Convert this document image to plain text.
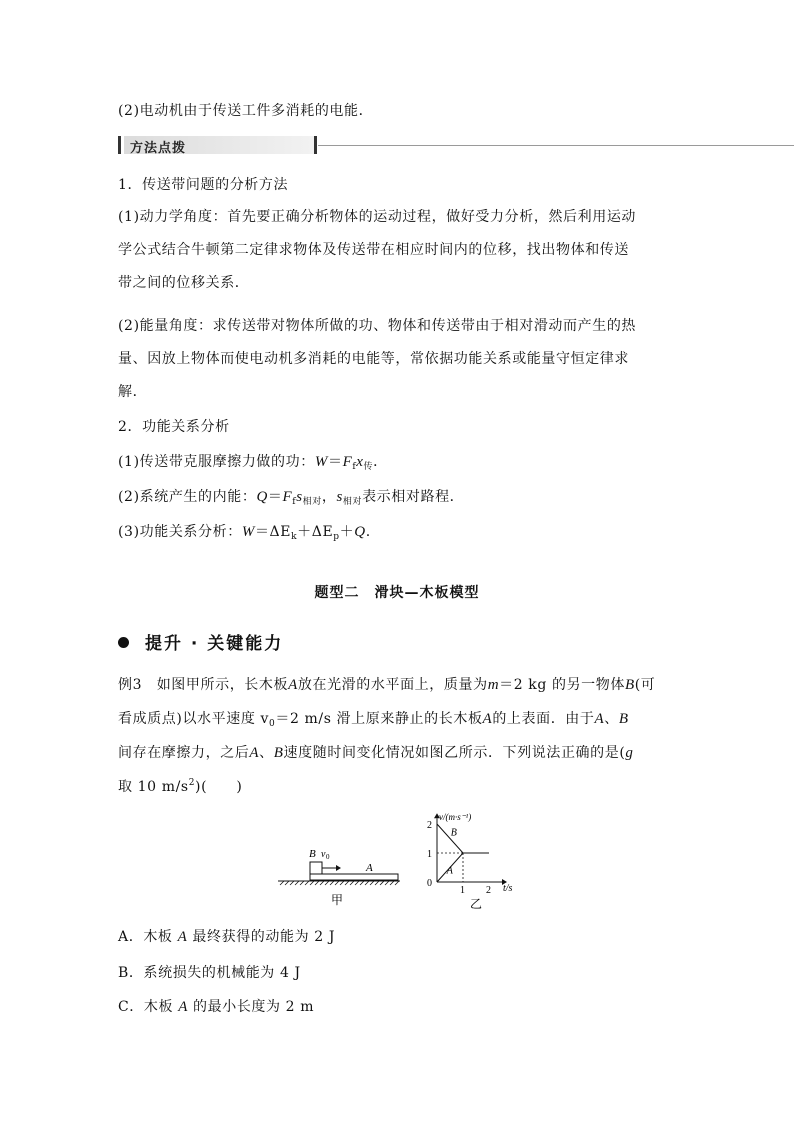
(2)电动机由于传送工件多消耗的电能．
方法点拨
1．传送带问题的分析方法
(1)动力学角度：首先要正确分析物体的运动过程，做好受力分析，然后利用运动
学公式结合牛顿第二定律求物体及传送带在相应时间内的位移，找出物体和传送
带之间的位移关系．
(2)能量角度：求传送带对物体所做的功、物体和传送带由于相对滑动而产生的热
量、因放上物体而使电动机多消耗的电能等，常依据功能关系或能量守恒定律求
解．
2．功能关系分析
(1)传送带克服摩擦力做的功：$W=F_fx_传$．
(2)系统产生的内能：$Q=F_fs_{相对}$，$s_{相对}$表示相对路程．
(3)功能关系分析：$W=\Delta E_k+\Delta E_p+Q$.
题型二　滑块—木板模型
提升 · 关键能力
例3　如图甲所示，长木板A放在光滑的水平面上，质量为m＝2 kg 的另一物体B(可
看成质点)以水平速度 $v_0=2$ m/s 滑上原来静止的长木板A的上表面．由于A、B
间存在摩擦力，之后A、B速度随时间变化情况如图乙所示．下列说法正确的是(g
取 10 $m/s^2$)(　　)
B v 0
A
甲
v/(m·s⁻¹)
t/s
乙
2
1
0
1 2
B
A
A．木板 A 最终获得的动能为 2 J
B．系统损失的机械能为 4 J
C．木板 A 的最小长度为 2 m
